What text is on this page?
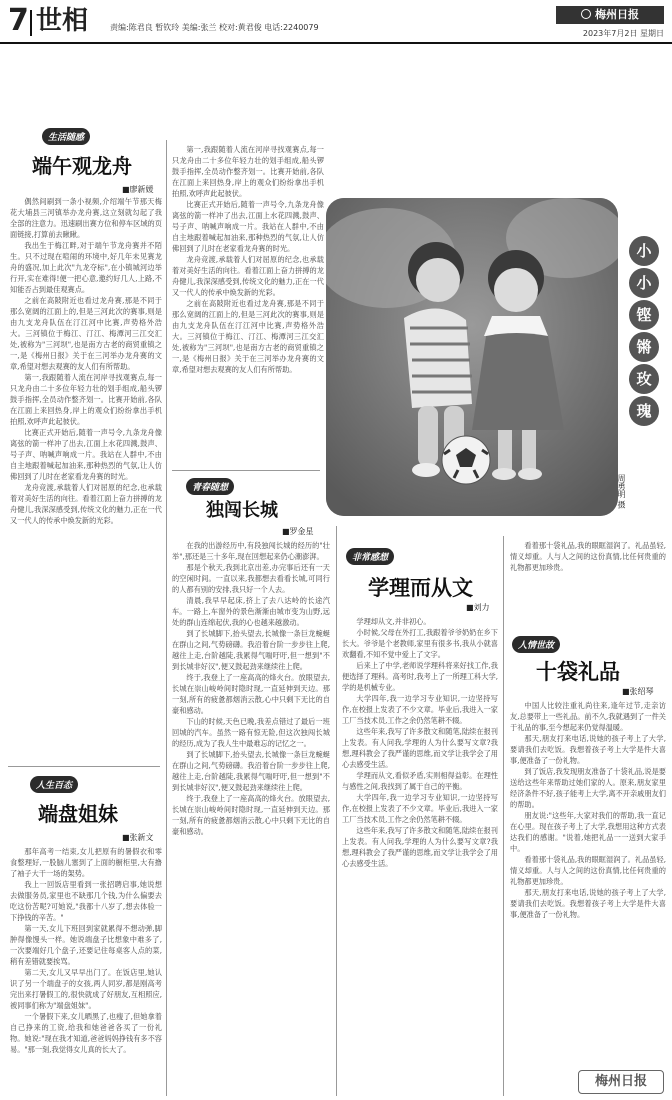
7 世相	责编:陈君良 暂钦玲 美编:张兰 校对:黄君俊 电话:2240079
梅州日报
2023年7月2日 星期日
生活随感
端午观龙舟
■廖新媛

偶然间刷到一条小视频,介绍端午节那天梅花大埔县三河镇举办龙舟赛,这立刻就勾起了我全部的注意力。迅速刷出赛方位和停车区域的页面链接,打算前去瞅瞅。

我出生于梅江畔,对于端午节龙舟赛并不陌生。只不过现在喧闹的环境中,好几年未见赛龙舟的盛况,加上此次"九龙夺标",在小镇城河边举行开,实在难得!便一把心意,邀约好几人,上路,不知能否占到最佳观赛点。

之前在高陂附近也看过龙舟赛,那是不同于那么宽阔的江面上的,但是三河此次的赛事,则是由九支龙舟队伍在汀江河中比赛,声势格外浩大。三河镇位于梅江、汀江、梅潭河三江交汇处,被称为"三河坝",也是南方古老的商贸重镇之一,是《梅州日报》关于在三河举办龙舟赛的文章,希望对想去观赛的友人们有所帮助。

第一,我跟随着人流在河岸寻找观赛点,每一只龙舟由二十多位年轻力壮的划手组成,船头锣鼓手指挥,全员动作整齐划一。比赛开始前,各队在江面上来回热身,岸上的观众们纷纷拿出手机拍照,欢呼声此起彼伏。

比赛正式开始后,随着一声号令,九条龙舟像离弦的箭一样冲了出去,江面上水花四溅,鼓声、号子声、呐喊声响成一片。我站在人群中,不由自主地跟着喊起加油来,那种热烈的气氛,让人仿佛回到了儿时在老家看龙舟赛的时光。

龙舟竞渡,承载着人们对屈原的纪念,也承载着对美好生活的向往。看着江面上奋力拼搏的龙舟健儿,我深深感受到,传统文化的魅力,正在一代又一代人的传承中焕发新的光彩。

第一,我跟随着人流在河岸寻找观赛点,每一只龙舟由二十多位年轻力壮的划手组成,船头锣鼓手指挥,全员动作整齐划一。比赛开始前,各队在江面上来回热身,岸上的观众们纷纷拿出手机拍照,欢呼声此起彼伏。

比赛正式开始后,随着一声号令,九条龙舟像离弦的箭一样冲了出去,江面上水花四溅,鼓声、号子声、呐喊声响成一片。我站在人群中,不由自主地跟着喊起加油来,那种热烈的气氛,让人仿佛回到了儿时在老家看龙舟赛的时光。

龙舟竞渡,承载着人们对屈原的纪念,也承载着对美好生活的向往。看着江面上奋力拼搏的龙舟健儿,我深深感受到,传统文化的魅力,正在一代又一代人的传承中焕发新的光彩。

之前在高陂附近也看过龙舟赛,那是不同于那么宽阔的江面上的,但是三河此次的赛事,则是由九支龙舟队伍在汀江河中比赛,声势格外浩大。三河镇位于梅江、汀江、梅潭河三江交汇处,被称为"三河坝",也是南方古老的商贸重镇之一,是《梅州日报》关于在三河举办龙舟赛的文章,希望对想去观赛的友人们有所帮助。

人生百态
端盘姐妹
■张新文

那年高考一结束,女儿把原有的暑假衣和零食整理好,一股脑儿塞到了上面的橱柜里,大有撸了袖子大干一场的架势。

我上一回饭店里看到一张招聘启事,她说想去做服务员,家里也不缺那几个钱,为什么偏要去吃这份苦呢?可她说,"我都十八岁了,想去体验一下挣钱的辛苦。"

第一天,女儿下班回到家就累得不想动弹,脚肿得像馒头一样。她说端盘子比想象中难多了,一次要端好几个盘子,还要记住每桌客人点的菜,稍有差错就要挨骂。

第二天,女儿又早早出门了。在饭店里,她认识了另一个端盘子的女孩,两人同岁,都是刚高考完出来打暑假工的,很快就成了好朋友,互相照应,被同事们称为"端盘姐妹"。

一个暑假下来,女儿晒黑了,也瘦了,但她拿着自己挣来的工资,给我和她爸爸各买了一份礼物。她说:"现在我才知道,爸爸妈妈挣钱有多不容易。"那一刻,我觉得女儿真的长大了。

青春随想
独闯长城
■罗金星

在我的出游经历中,有段独闯长城的经历的"壮举",那还是三十多年,现在回想起来仍心潮澎湃。

那是个秋天,我到北京出差,办完事后还有一天的空闲时间。一直以来,我都想去看看长城,可同行的人都有别的安排,我只好一个人去。

清晨,我早早起床,挤上了去八达岭的长途汽车。一路上,车窗外的景色渐渐由城市变为山野,远处的群山连绵起伏,我的心也越来越激动。

到了长城脚下,抬头望去,长城像一条巨龙蜿蜒在群山之间,气势磅礴。我沿着台阶一步步往上爬,越往上走,台阶越陡,我累得气喘吁吁,但一想到"不到长城非好汉",便又鼓起劲来继续往上爬。

终于,我登上了一座高高的烽火台。放眼望去,长城在崇山峻岭间时隐时现,一直延伸到天边。那一刻,所有的疲惫都烟消云散,心中只剩下无比的自豪和感动。

下山的时候,天色已晚,我差点错过了最后一班回城的汽车。虽然一路有惊无险,但这次独闯长城的经历,成为了我人生中最难忘的记忆之一。

到了长城脚下,抬头望去,长城像一条巨龙蜿蜒在群山之间,气势磅礴。我沿着台阶一步步往上爬,越往上走,台阶越陡,我累得气喘吁吁,但一想到"不到长城非好汉",便又鼓起劲来继续往上爬。

终于,我登上了一座高高的烽火台。放眼望去,长城在崇山峻岭间时隐时现,一直延伸到天边。那一刻,所有的疲惫都烟消云散,心中只剩下无比的自豪和感动。

小
小
铿
锵
玫
瑰
周勇明 摄
非常感想
学理而从文
■刘力

学理却从文,并非初心。

小时候,父母在外打工,我跟着爷爷奶奶在乡下长大。爷爷是个老教师,家里有很多书,我从小就喜欢翻看,不知不觉中爱上了文字。

后来上了中学,老师说学理科将来好找工作,我便选择了理科。高考时,我考上了一所理工科大学,学的是机械专业。

大学四年,我一边学习专业知识,一边坚持写作,在校报上发表了不少文章。毕业后,我进入一家工厂当技术员,工作之余仍然笔耕不辍。

这些年来,我写了许多散文和随笔,陆续在报刊上发表。有人问我,学理的人为什么要写文章?我想,理科教会了我严谨的思维,而文学让我学会了用心去感受生活。

学理而从文,看似矛盾,实则相得益彰。在理性与感性之间,我找到了属于自己的平衡。

大学四年,我一边学习专业知识,一边坚持写作,在校报上发表了不少文章。毕业后,我进入一家工厂当技术员,工作之余仍然笔耕不辍。

这些年来,我写了许多散文和随笔,陆续在报刊上发表。有人问我,学理的人为什么要写文章?我想,理科教会了我严谨的思维,而文学让我学会了用心去感受生活。

看着那十袋礼品,我的眼眶湿润了。礼品虽轻,情义却重。人与人之间的这份真情,比任何贵重的礼物都更加珍贵。

人情世故
十袋礼品
■张绍琴

中国人比较注重礼尚往来,逢年过节,走亲访友,总要带上一些礼品。前不久,我就遇到了一件关于礼品的事,至今想起来仍觉得温暖。

那天,朋友打来电话,说她的孩子考上了大学,要请我们去吃饭。我想着孩子考上大学是件大喜事,便准备了一份礼物。

到了饭店,我发现朋友准备了十袋礼品,说是要送给这些年来帮助过她们家的人。原来,朋友家里经济条件不好,孩子能考上大学,离不开亲戚朋友们的帮助。

朋友说:"这些年,大家对我们的帮助,我一直记在心里。现在孩子考上了大学,我想用这种方式表达我们的感谢。"说着,她把礼品一一送到大家手中。

看着那十袋礼品,我的眼眶湿润了。礼品虽轻,情义却重。人与人之间的这份真情,比任何贵重的礼物都更加珍贵。

那天,朋友打来电话,说她的孩子考上了大学,要请我们去吃饭。我想着孩子考上大学是件大喜事,便准备了一份礼物。

梅州日报
